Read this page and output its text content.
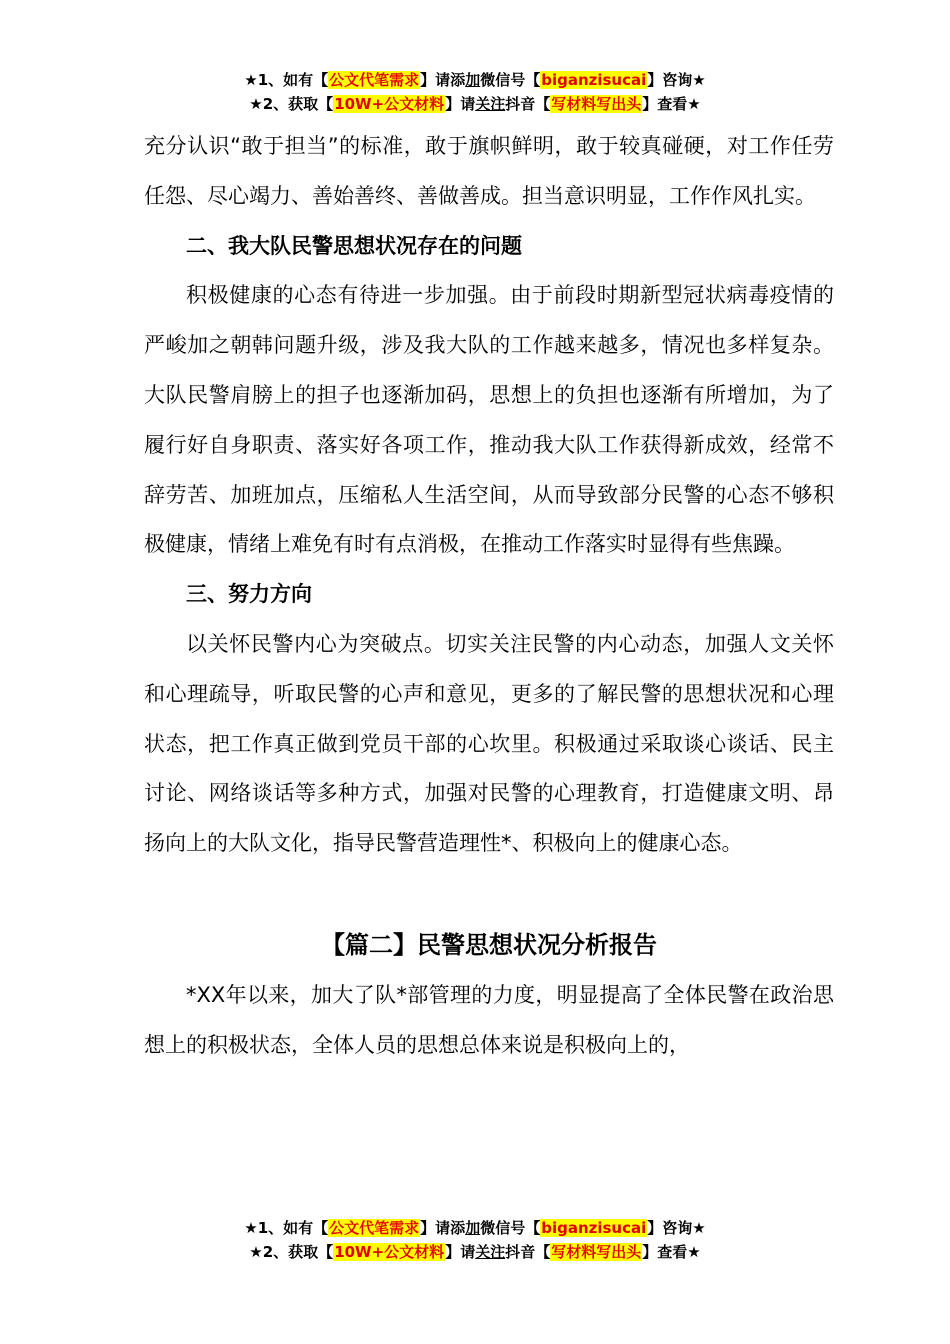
★1、如有【公文代笔需求】请添加微信号【biganzisucai】咨询★
★2、获取【10W+公文材料】请关注抖音【写材料写出头】查看★

充分认识“敢于担当”的标准，敢于旗帜鲜明，敢于较真碰硬，对工作任劳任怨、尽心竭力、善始善终、善做善成。担当意识明显，工作作风扎实。

二、我大队民警思想状况存在的问题

积极健康的心态有待进一步加强。由于前段时期新型冠状病毒疫情的严峻加之朝韩问题升级，涉及我大队的工作越来越多，情况也多样复杂。大队民警肩膀上的担子也逐渐加码，思想上的负担也逐渐有所增加，为了履行好自身职责、落实好各项工作，推动我大队工作获得新成效，经常不辞劳苦、加班加点，压缩私人生活空间，从而导致部分民警的心态不够积极健康，情绪上难免有时有点消极，在推动工作落实时显得有些焦躁。

三、努力方向

以关怀民警内心为突破点。切实关注民警的内心动态，加强人文关怀和心理疏导，听取民警的心声和意见，更多的了解民警的思想状况和心理状态，把工作真正做到党员干部的心坎里。积极通过采取谈心谈话、民主讨论、网络谈话等多种方式，加强对民警的心理教育，打造健康文明、昂扬向上的大队文化，指导民警营造理性*、积极向上的健康心态。

【篇二】民警思想状况分析报告

*XX年以来，加大了队*部管理的力度，明显提高了全体民警在政治思想上的积极状态，全体人员的思想总体来说是积极向上的，

★1、如有【公文代笔需求】请添加微信号【biganzisucai】咨询★
★2、获取【10W+公文材料】请关注抖音【写材料写出头】查看★
